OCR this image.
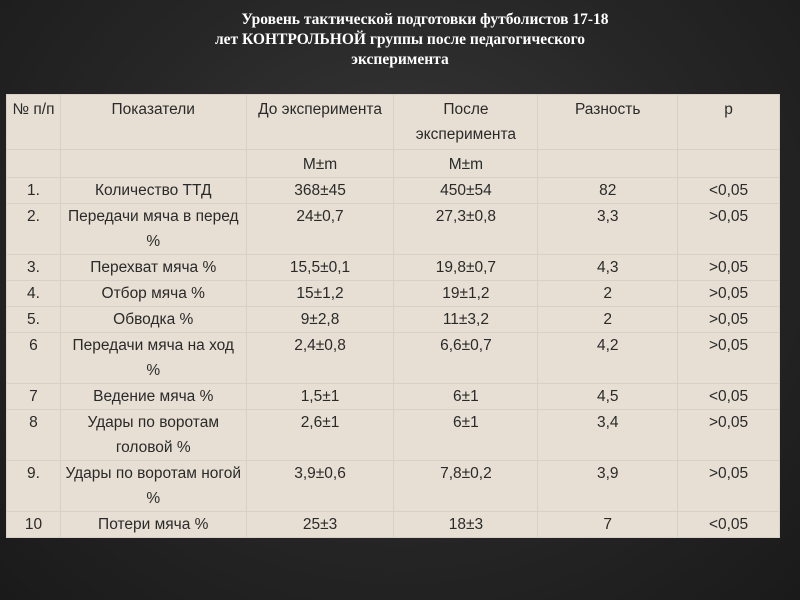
Уровень тактической подготовки футболистов 17-18
лет КОНТРОЛЬНОЙ группы после педагогического
эксперимента
№ п/п	Показатели	До эксперимента	После эксперимента	Разность	р
		M±m	M±m		
1.	Количество ТТД	368±45	450±54	82	<0,05
2.	Передачи мяча в перед %	24±0,7	27,3±0,8	3,3	>0,05
3.	Перехват мяча %	15,5±0,1	19,8±0,7	4,3	>0,05
4.	Отбор мяча %	15±1,2	19±1,2	2	>0,05
5.	Обводка %	9±2,8	11±3,2	2	>0,05
6	Передачи мяча на ход %	2,4±0,8	6,6±0,7	4,2	>0,05
7	Ведение мяча %	1,5±1	6±1	4,5	<0,05
8	Удары по воротам головой %	2,6±1	6±1	3,4	>0,05
9.	Удары по воротам ногой %	3,9±0,6	7,8±0,2	3,9	>0,05
10	Потери мяча %	25±3	18±3	7	<0,05
